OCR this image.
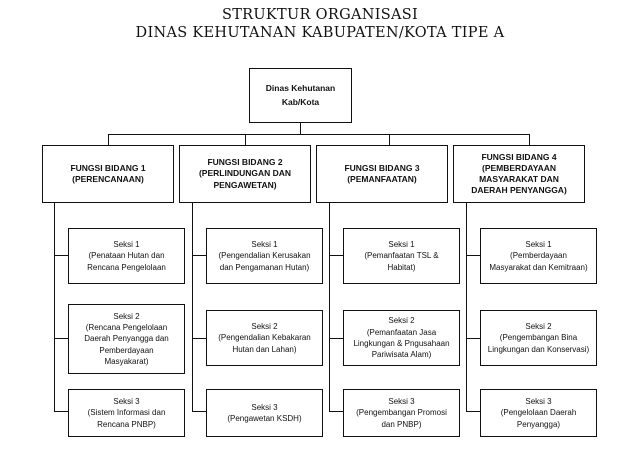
STRUKTUR ORGANISASI
DINAS KEHUTANAN KABUPATEN/KOTA TIPE A
Dinas Kehutanan
Kab/Kota
FUNGSI BIDANG 1
(PERENCANAAN)
FUNGSI BIDANG 2
(PERLINDUNGAN DAN
PENGAWETAN)
FUNGSI BIDANG 3
(PEMANFAATAN)
FUNGSI BIDANG 4
(PEMBERDAYAAN
MASYARAKAT DAN
DAERAH PENYANGGA)
Seksi 1
(Penataan Hutan dan
Rencana Pengelolaan
Seksi 2
(Rencana Pengelolaan
Daerah Penyangga dan
Pemberdayaan
Masyakarat)
Seksi 3
(Sistem Informasi dan
Rencana PNBP)
Seksi 1
(Pengendalian Kerusakan
dan Pengamanan Hutan)
Seksi 2
(Pengendalian Kebakaran
Hutan dan Lahan)
Seksi 3
(Pengawetan KSDH)
Seksi 1
(Pemanfaatan TSL &
Habitat)
Seksi 2
(Pemanfaatan Jasa
Lingkungan & Pngusahaan
Pariwisata Alam)
Seksi 3
(Pengembangan Promosi
dan PNBP)
Seksi 1
(Pemberdayaan
Masyarakat dan Kemitraan)
Seksi 2
(Pengembangan Bina
Lingkungan dan Konservasi)
Seksi 3
(Pengelolaan Daerah
Penyangga)
